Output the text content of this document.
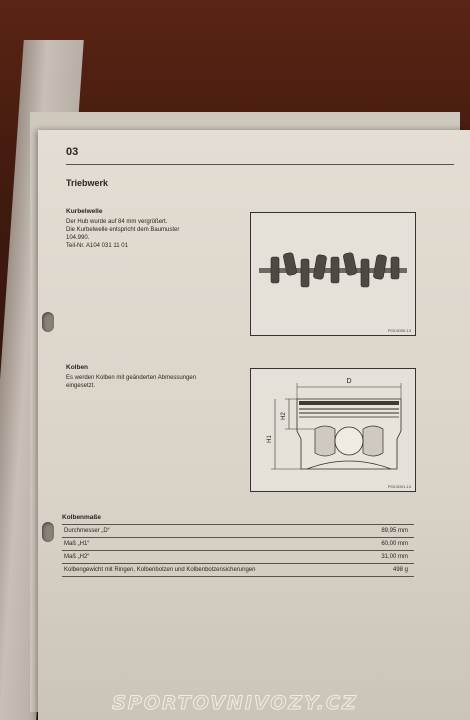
03
Triebwerk
Kurbelwelle
Der Hub wurde auf 84 mm vergrößert.
Die Kurbelwelle entspricht dem Baumuster
104.990.
Teil-Nr. A104 031 11 01
P03-5000-13
Kolben
Es werden Kolben mit geänderten Abmessungen
eingesetzt.
D
H2
H1
P03-5001-13
Kolbenmaße
Durchmesser „D“	89,95 mm
Maß „H1“	60,00 mm
Maß „H2“	31,00 mm
Kolbengewicht mit Ringen, Kolbenbolzen und Kolbenbolzensicherungen	498 g
SPORTOVNIVOZY.CZ
